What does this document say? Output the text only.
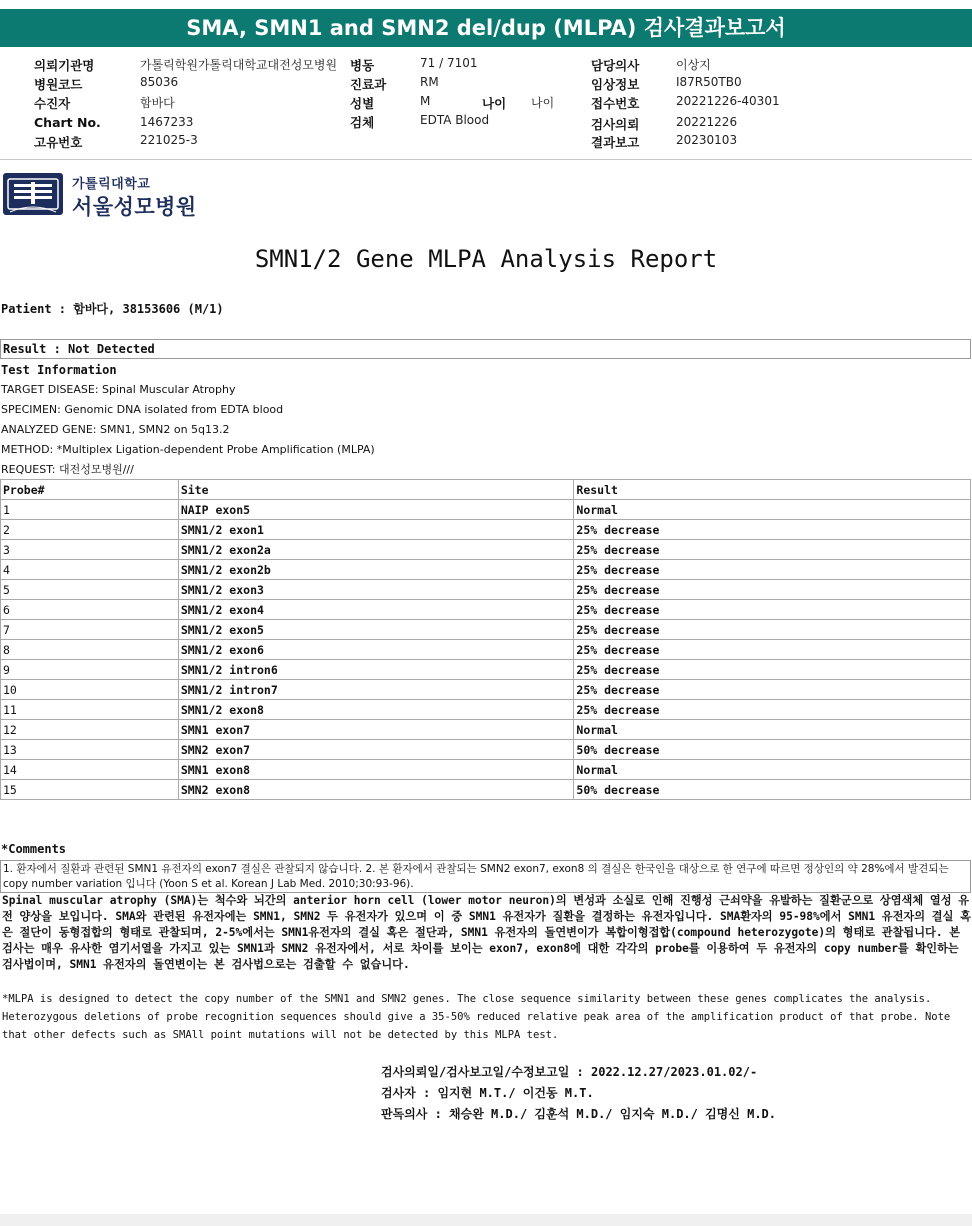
SMA, SMN1 and SMN2 del/dup (MLPA) 검사결과보고서
의뢰기관명	가톨릭학원가톨릭대학교대전성모병원
병원코드	85036
수진자	함바다
Chart No.	1467233
고유번호	221025-3
병동	71 / 7101
진료과	RM
성별	M	나이 나이
검체	EDTA Blood
담당의사	이상지
임상정보	I87R50TB0
접수번호	20221226-40301
검사의뢰	20221226
결과보고	20230103
가톨릭대학교
서울성모병원
SMN1/2 Gene MLPA Analysis Report
Patient : 함바다, 38153606 (M/1)
Result : Not Detected
Test Information
TARGET DISEASE: Spinal Muscular Atrophy
SPECIMEN: Genomic DNA isolated from EDTA blood
ANALYZED GENE: SMN1, SMN2 on 5q13.2
METHOD: *Multiplex Ligation-dependent Probe Amplification (MLPA)
REQUEST: 대전성모병원///
Probe#	Site	Result
1	NAIP exon5	Normal
2	SMN1/2 exon1	25% decrease
3	SMN1/2 exon2a	25% decrease
4	SMN1/2 exon2b	25% decrease
5	SMN1/2 exon3	25% decrease
6	SMN1/2 exon4	25% decrease
7	SMN1/2 exon5	25% decrease
8	SMN1/2 exon6	25% decrease
9	SMN1/2 intron6	25% decrease
10	SMN1/2 intron7	25% decrease
11	SMN1/2 exon8	25% decrease
12	SMN1 exon7	Normal
13	SMN2 exon7	50% decrease
14	SMN1 exon8	Normal
15	SMN2 exon8	50% decrease
*Comments
1. 환자에서 질환과 관련된 SMN1 유전자의 exon7 결실은 관찰되지 않습니다. 2. 본 환자에서 관찰되는 SMN2 exon7, exon8 의 결실은 한국인을 대상으로 한 연구에 따르면 정상인의 약 28%에서 발견되는 copy number variation 입니다 (Yoon S et al. Korean J Lab Med. 2010;30:93-96).
Spinal muscular atrophy (SMA)는 척수와 뇌간의 anterior horn cell (lower motor neuron)의 변성과 소실로 인해 진행성 근쇠약을 유발하는 질환군으로 상염색체 열성 유전 양상을 보입니다. SMA와 관련된 유전자에는 SMN1, SMN2 두 유전자가 있으며 이 중 SMN1 유전자가 질환을 결정하는 유전자입니다. SMA환자의 95-98%에서 SMN1 유전자의 결실 혹은 절단이 동형접합의 형태로 관찰되며, 2-5%에서는 SMN1유전자의 결실 혹은 절단과, SMN1 유전자의 돌연변이가 복합이형접합(compound heterozygote)의 형태로 관찰됩니다. 본 검사는 매우 유사한 염기서열을 가지고 있는 SMN1과 SMN2 유전자에서, 서로 차이를 보이는 exon7, exon8에 대한 각각의 probe를 이용하여 두 유전자의 copy number를 확인하는 검사법이며, SMN1 유전자의 돌연변이는 본 검사법으로는 검출할 수 없습니다.
*MLPA is designed to detect the copy number of the SMN1 and SMN2 genes. The close sequence similarity between these genes complicates the analysis. Heterozygous deletions of probe recognition sequences should give a 35-50% reduced relative peak area of the amplification product of that probe. Note that other defects such as SMAll point mutations will not be detected by this MLPA test.
검사의뢰일/검사보고일/수정보고일 : 2022.12.27/2023.01.02/-
검사자 : 임지현 M.T./ 이건동 M.T.
판독의사 : 채승완 M.D./ 김훈석 M.D./ 임지숙 M.D./ 김명신 M.D.
